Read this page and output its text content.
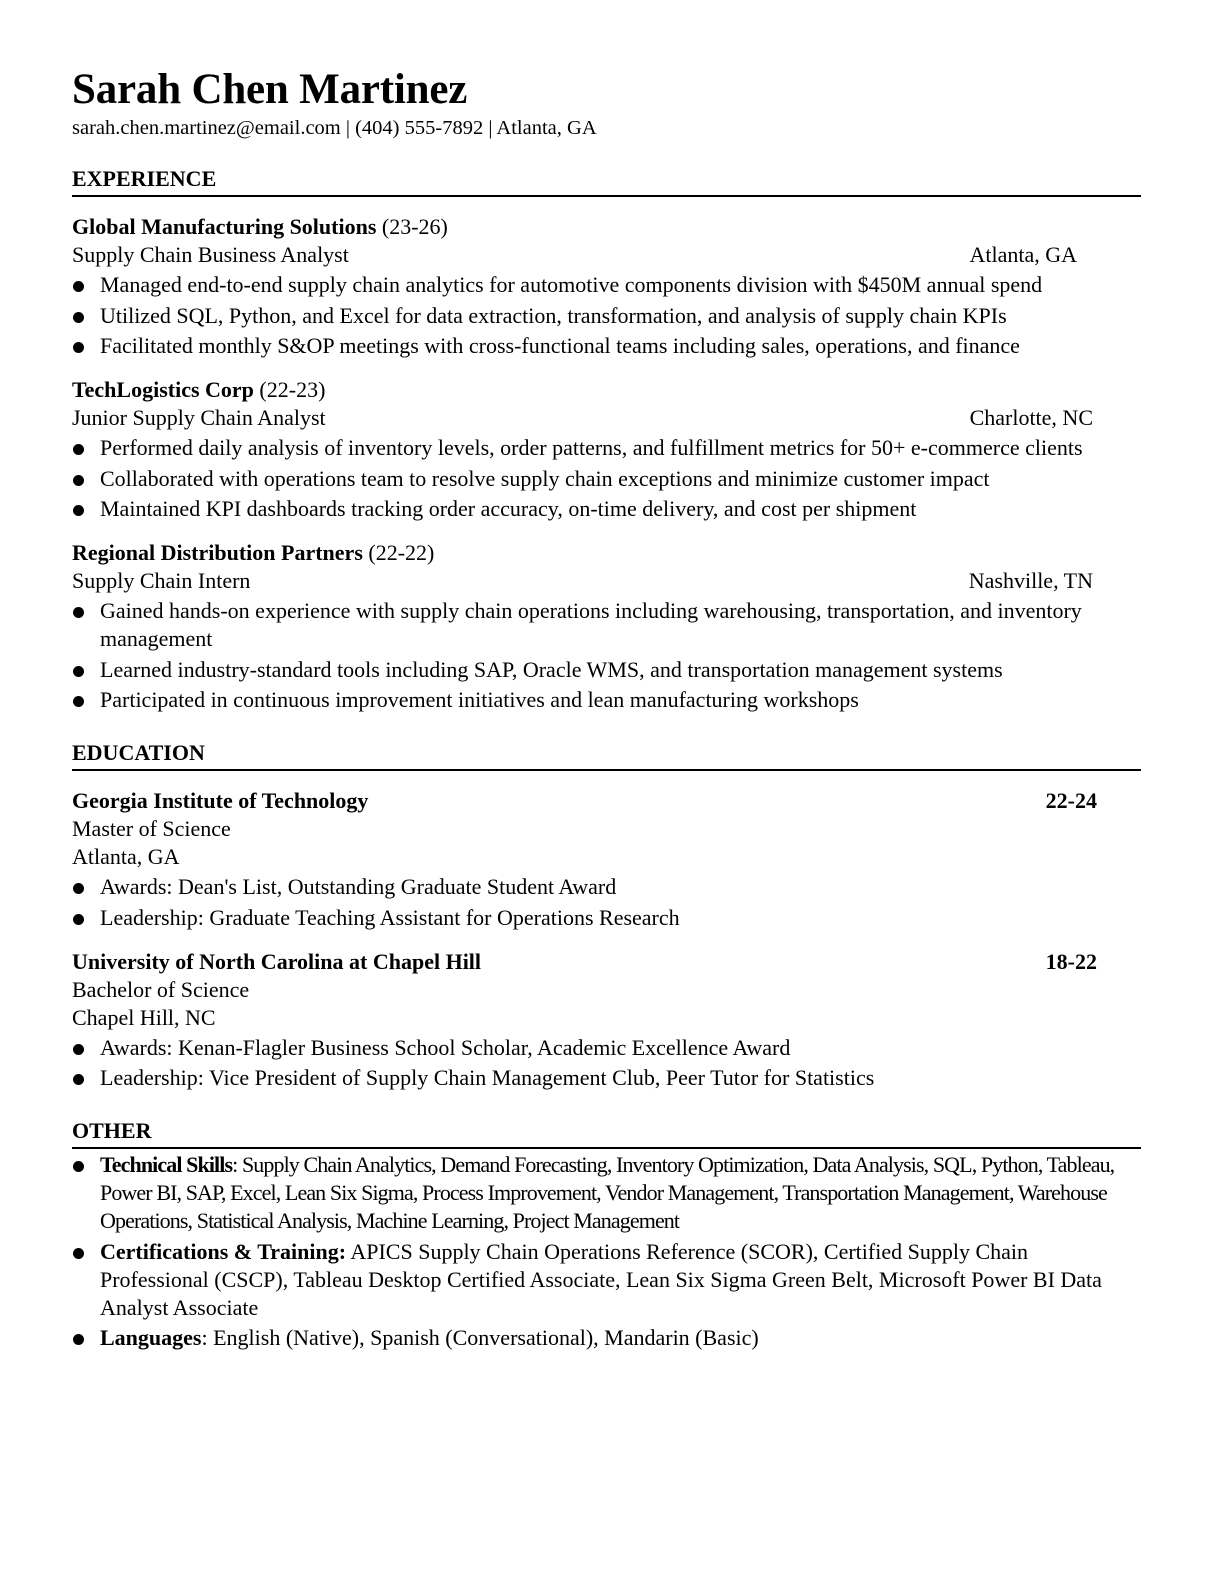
Sarah Chen Martinez
sarah.chen.martinez@email.com | (404) 555-7892 | Atlanta, GA
EXPERIENCE
Global Manufacturing Solutions (23-26)
Supply Chain Business Analyst	Atlanta, GA
Managed end-to-end supply chain analytics for automotive components division with $450M annual spend
Utilized SQL, Python, and Excel for data extraction, transformation, and analysis of supply chain KPIs
Facilitated monthly S&OP meetings with cross-functional teams including sales, operations, and finance
TechLogistics Corp (22-23)
Junior Supply Chain Analyst	Charlotte, NC
Performed daily analysis of inventory levels, order patterns, and fulfillment metrics for 50+ e-commerce clients
Collaborated with operations team to resolve supply chain exceptions and minimize customer impact
Maintained KPI dashboards tracking order accuracy, on-time delivery, and cost per shipment
Regional Distribution Partners (22-22)
Supply Chain Intern	Nashville, TN
Gained hands-on experience with supply chain operations including warehousing, transportation, and inventory management
Learned industry-standard tools including SAP, Oracle WMS, and transportation management systems
Participated in continuous improvement initiatives and lean manufacturing workshops
EDUCATION
Georgia Institute of Technology	22-24
Master of Science
Atlanta, GA
Awards: Dean's List, Outstanding Graduate Student Award
Leadership: Graduate Teaching Assistant for Operations Research
University of North Carolina at Chapel Hill	18-22
Bachelor of Science
Chapel Hill, NC
Awards: Kenan-Flagler Business School Scholar, Academic Excellence Award
Leadership: Vice President of Supply Chain Management Club, Peer Tutor for Statistics
OTHER
Technical Skills: Supply Chain Analytics, Demand Forecasting, Inventory Optimization, Data Analysis, SQL, Python, Tableau, Power BI, SAP, Excel, Lean Six Sigma, Process Improvement, Vendor Management, Transportation Management, Warehouse Operations, Statistical Analysis, Machine Learning, Project Management
Certifications & Training: APICS Supply Chain Operations Reference (SCOR), Certified Supply Chain Professional (CSCP), Tableau Desktop Certified Associate, Lean Six Sigma Green Belt, Microsoft Power BI Data Analyst Associate
Languages: English (Native), Spanish (Conversational), Mandarin (Basic)
